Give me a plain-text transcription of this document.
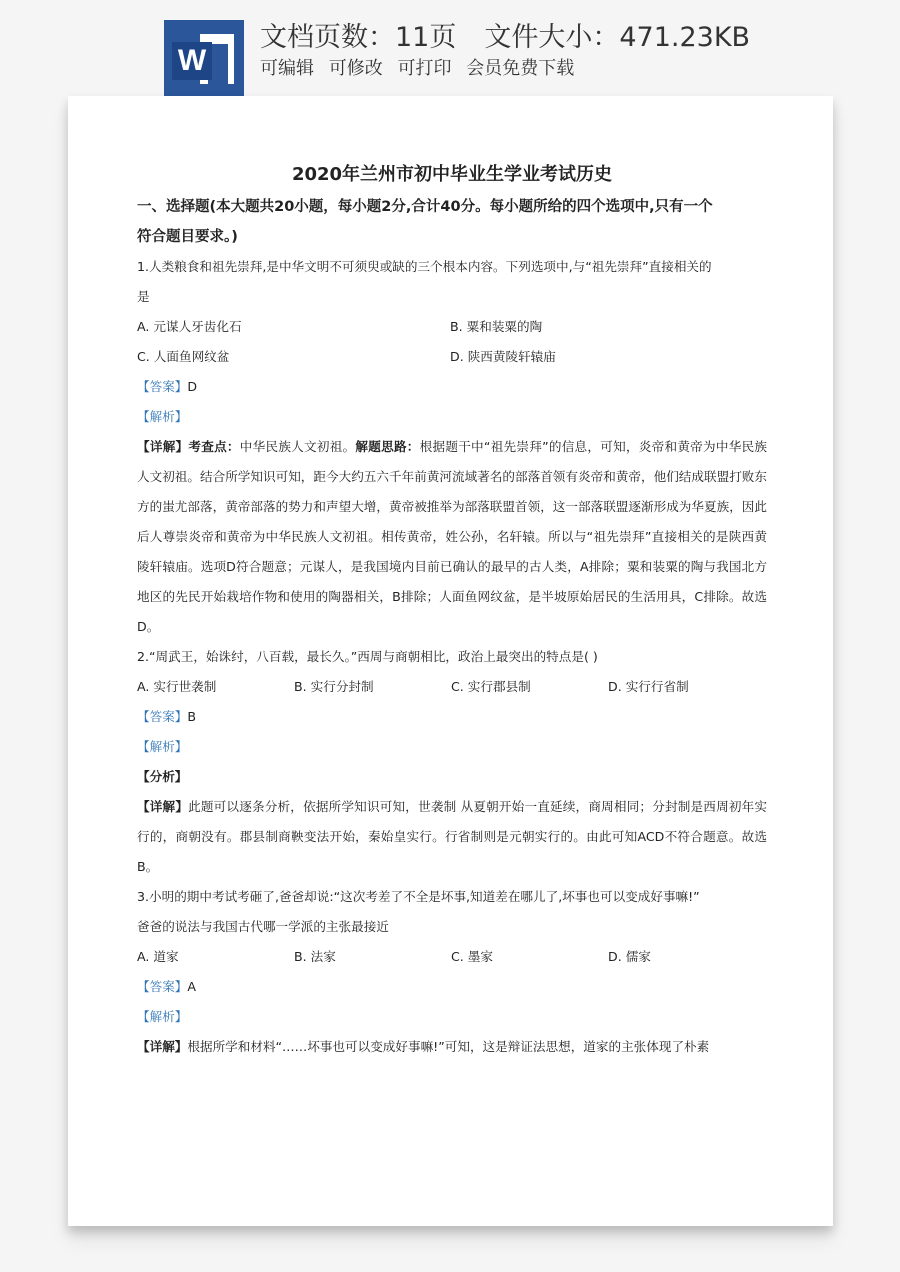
W
文档页数：11页 文件大小：471.23KB
可编辑 可修改 可打印 会员免费下载
2020年兰州市初中毕业生学业考试历史
一、选择题(本大题共20小题，每小题2分,合计40分。每小题所给的四个选项中,只有一个
符合题目要求。)
1.人类粮食和祖先崇拜,是中华文明不可须臾或缺的三个根本内容。下列选项中,与“祖先崇拜”直接相关的
是
A. 元谋人牙齿化石	B. 粟和装粟的陶
C. 人面鱼网纹盆	D. 陕西黄陵轩辕庙
【答案】D
【解析】
【详解】考查点：中华民族人文初祖。解题思路：根据题干中“祖先崇拜”的信息，可知，炎帝和黄帝为中华民族人文初祖。结合所学知识可知，距今大约五六千年前黄河流域著名的部落首领有炎帝和黄帝，他们结成联盟打败东方的蚩尤部落，黄帝部落的势力和声望大增，黄帝被推举为部落联盟首领，这一部落联盟逐渐形成为华夏族，因此后人尊崇炎帝和黄帝为中华民族人文初祖。相传黄帝，姓公孙，名轩辕。所以与“祖先崇拜”直接相关的是陕西黄陵轩辕庙。选项D符合题意；元谋人，是我国境内目前已确认的最早的古人类，A排除；粟和装粟的陶与我国北方地区的先民开始栽培作物和使用的陶器相关，B排除；人面鱼网纹盆，是半坡原始居民的生活用具，C排除。故选D。
2.“周武王，始诛纣，八百载，最长久。”西周与商朝相比，政治上最突出的特点是( )
A. 实行世袭制	B. 实行分封制	C. 实行郡县制	D. 实行行省制
【答案】B
【解析】
【分析】
【详解】此题可以逐条分析，依据所学知识可知，世袭制 从夏朝开始一直延续，商周相同；分封制是西周初年实行的，商朝没有。郡县制商鞅变法开始，秦始皇实行。行省制则是元朝实行的。由此可知ACD不符合题意。故选B。
3.小明的期中考试考砸了,爸爸却说:“这次考差了不全是坏事,知道差在哪儿了,坏事也可以变成好事嘛!”
爸爸的说法与我国古代哪一学派的主张最接近
A. 道家	B. 法家	C. 墨家	D. 儒家
【答案】A
【解析】
【详解】根据所学和材料“……坏事也可以变成好事嘛!”可知，这是辩证法思想，道家的主张体现了朴素
